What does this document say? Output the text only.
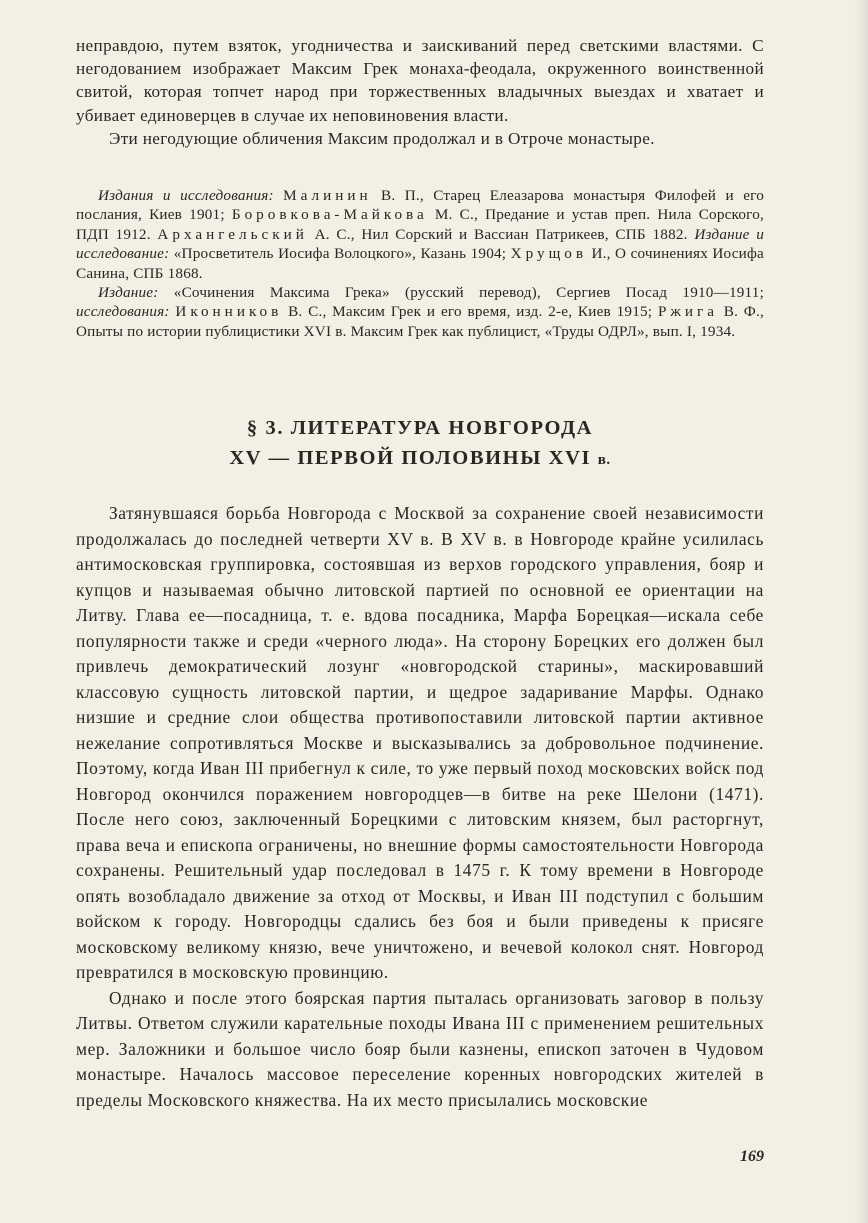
неправдою, путем взяток, угодничества и заискиваний перед светскими властями. С негодованием изображает Максим Грек монаха-феодала, окруженного воинственной свитой, которая топчет народ при торжественных владычных выездах и хватает и убивает единоверцев в случае их неповиновения власти.

Эти негодующие обличения Максим продолжал и в Отроче монастыре.

Издания и исследования: Малинин В. П., Старец Елеазарова монастыря Филофей и его послания, Киев 1901; Боровкова-Майкова М. С., Предание и устав преп. Нила Сорского, ПДП 1912. Архангельский А. С., Нил Сорский и Вассиан Патрикеев, СПБ 1882. Издание и исследование: «Просветитель Иосифа Волоцкого», Казань 1904; Хрущов И., О сочинениях Иосифа Санина, СПБ 1868.

Издание: «Сочинения Максима Грека» (русский перевод), Сергиев Посад 1910—1911; исследования: Иконников В. С., Максим Грек и его время, изд. 2-е, Киев 1915; Ржига В. Ф., Опыты по истории публицистики XVI в. Максим Грек как публицист, «Труды ОДРЛ», вып. I, 1934.

§ 3. ЛИТЕРАТУРА НОВГОРОДА
XV — ПЕРВОЙ ПОЛОВИНЫ XVI в.

Затянувшаяся борьба Новгорода с Москвой за сохранение своей независимости продолжалась до последней четверти XV в. В XV в. в Новгороде крайне усилилась антимосковская группировка, состоявшая из верхов городского управления, бояр и купцов и называемая обычно литовской партией по основной ее ориентации на Литву. Глава ее—посадница, т. е. вдова посадника, Марфа Борецкая—искала себе популярности также и среди «черного люда». На сторону Борецких его должен был привлечь демократический лозунг «новгородской старины», маскировавший классовую сущность литовской партии, и щедрое задаривание Марфы. Однако низшие и средние слои общества противопоставили литовской партии активное нежелание сопротивляться Москве и высказывались за добровольное подчинение. Поэтому, когда Иван III прибегнул к силе, то уже первый поход московских войск под Новгород окончился поражением новгородцев—в битве на реке Шелони (1471). После него союз, заключенный Борецкими с литовским князем, был расторгнут, права веча и епископа ограничены, но внешние формы самостоятельности Новгорода сохранены. Решительный удар последовал в 1475 г. К тому времени в Новгороде опять возобладало движение за отход от Москвы, и Иван III подступил с большим войском к городу. Новгородцы сдались без боя и были приведены к присяге московскому великому князю, вече уничтожено, и вечевой колокол снят. Новгород превратился в московскую провинцию.

Однако и после этого боярская партия пыталась организовать заговор в пользу Литвы. Ответом служили карательные походы Ивана III с применением решительных мер. Заложники и большое число бояр были казнены, епископ заточен в Чудовом монастыре. Началось массовое переселение коренных новгородских жителей в пределы Московского княжества. На их место присылались московские

169
